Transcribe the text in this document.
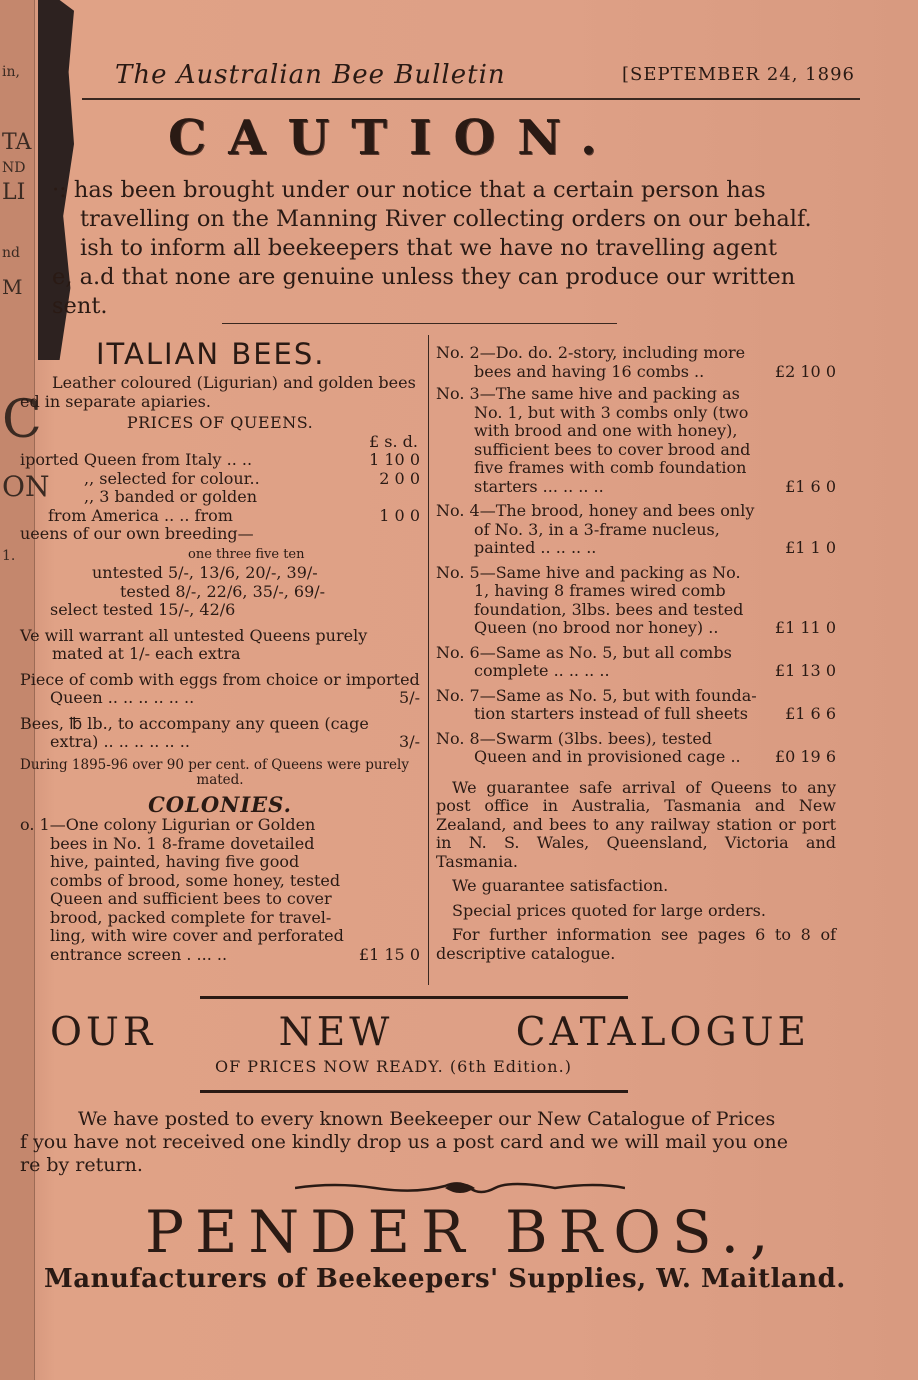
in,
TA
ND
LI
nd
M
C
ON
1.
The Australian Bee Bulletin	[SEPTEMBER 24, 1896
CAUTION.

·: has been brought under our notice that a certain person has

travelling on the Manning River collecting orders on our behalf.

ish to inform all beekeepers that we have no travelling agent

e, a.d that none are genuine unless they can produce our written

sent.

ITALIAN BEES.

Leather coloured (Ligurian) and golden bees

ed in separate apiaries.

PRICES OF QUEENS.

£ s. d.

iported Queen from Italy .. ..	1 10 0
,, selected for colour..	2 0 0
,, 3 banded or golden
from America .. .. from	1 0 0

ueens of our own breeding—

one three five ten

untested 5/-, 13/6, 20/-, 39/-

tested 8/-, 22/6, 35/-, 69/-

select tested 15/-, 42/6

Ve will warrant all untested Queens purely

mated at 1/- each extra

Piece of comb with eggs from choice or imported

Queen .. .. .. .. .. ..	5/-

Bees, ℔ lb., to accompany any queen (cage

extra) .. .. .. .. .. ..	3/-

During 1895-96 over 90 per cent. of Queens were purely

mated.

COLONIES.

o. 1—One colony Ligurian or Golden

bees in No. 1 8-frame dovetailed

hive, painted, having five good

combs of brood, some honey, tested

Queen and sufficient bees to cover

brood, packed complete for travel-

ling, with wire cover and perforated

entrance screen . ... ..	£1 15 0

No. 2—Do. do. 2-story, including more

bees and having 16 combs ..	£2 10 0

No. 3—The same hive and packing as

No. 1, but with 3 combs only (two

with brood and one with honey),

sufficient bees to cover brood and

five frames with comb foundation

starters ... .. .. ..	£1 6 0

No. 4—The brood, honey and bees only

of No. 3, in a 3-frame nucleus,

painted .. .. .. ..	£1 1 0

No. 5—Same hive and packing as No.

1, having 8 frames wired comb

foundation, 3lbs. bees and tested

Queen (no brood nor honey) ..	£1 11 0

No. 6—Same as No. 5, but all combs

complete .. .. .. ..	£1 13 0

No. 7—Same as No. 5, but with founda-

tion starters instead of full sheets £1 6 6

No. 8—Swarm (3lbs. bees), tested

Queen and in provisioned cage .. £0 19 6

We guarantee safe arrival of Queens to any post office in Australia, Tasmania and New Zealand, and bees to any railway station or port in N. S. Wales, Queensland, Victoria and Tasmania.

We guarantee satisfaction.

Special prices quoted for large orders.

For further information see pages 6 to 8 of descriptive catalogue.

OUR	NEW	CATALOGUE
OF PRICES NOW READY. (6th Edition.)

We have posted to every known Beekeeper our New Catalogue of Prices

f you have not received one kindly drop us a post card and we will mail you one

re by return.

PENDER BROS.,
Manufacturers of Beekeepers' Supplies, W. Maitland.
